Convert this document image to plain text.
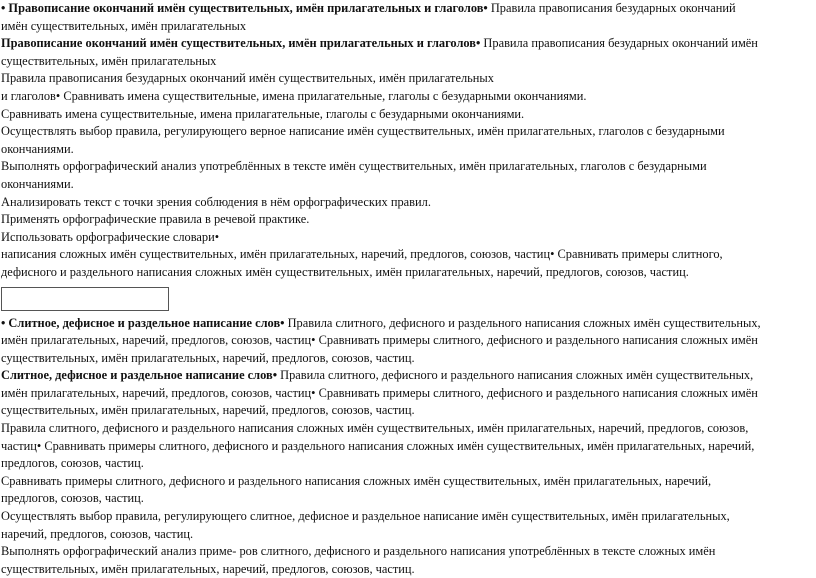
• Правописание окончаний имён существительных, имён прилагательных и глаголов• Правила правописания безударных окончаний
имён существительных, имён прилагательных
Правописание окончаний имён существительных, имён прилагательных и глаголов• Правила правописания безударных окончаний имён
существительных, имён прилагательных
Правила правописания безударных окончаний имён существительных, имён прилагательных
и глаголов• Сравнивать имена существительные, имена прилагательные, глаголы с безударными окончаниями.
Сравнивать имена существительные, имена прилагательные, глаголы с безударными окончаниями.
Осуществлять выбор правила, регулирующего верное написание имён существительных, имён прилагательных, глаголов с безударными
окончаниями.
Выполнять орфографический анализ употреблённых в тексте имён существительных, имён прилагательных, глаголов с безударными
окончаниями.
Анализировать текст с точки зрения соблюдения в нём орфографических правил.
Применять орфографические правила в речевой практике.
Использовать орфографические словари•
написания сложных имён существительных, имён прилагательных, наречий, предлогов, союзов, частиц• Сравнивать примеры слитного,
дефисного и раздельного написания сложных имён существительных, имён прилагательных, наречий, предлогов, союзов, частиц.
• Слитное, дефисное и раздельное написание слов• Правила слитного, дефисного и раздельного написания сложных имён существительных,
имён прилагательных, наречий, предлогов, союзов, частиц• Сравнивать примеры слитного, дефисного и раздельного написания сложных имён
существительных, имён прилагательных, наречий, предлогов, союзов, частиц.
Слитное, дефисное и раздельное написание слов• Правила слитного, дефисного и раздельного написания сложных имён существительных,
имён прилагательных, наречий, предлогов, союзов, частиц• Сравнивать примеры слитного, дефисного и раздельного написания сложных имён
существительных, имён прилагательных, наречий, предлогов, союзов, частиц.
Правила слитного, дефисного и раздельного написания сложных имён существительных, имён прилагательных, наречий, предлогов, союзов,
частиц• Сравнивать примеры слитного, дефисного и раздельного написания сложных имён существительных, имён прилагательных, наречий,
предлогов, союзов, частиц.
Сравнивать примеры слитного, дефисного и раздельного написания сложных имён существительных, имён прилагательных, наречий,
предлогов, союзов, частиц.
Осуществлять выбор правила, регулирующего слитное, дефисное и раздельное написание имён существительных, имён прилагательных,
наречий, предлогов, союзов, частиц.
Выполнять орфографический анализ приме- ров слитного, дефисного и раздельного написания употреблённых в тексте сложных имён
существительных, имён прилагательных, наречий, предлогов, союзов, частиц.
